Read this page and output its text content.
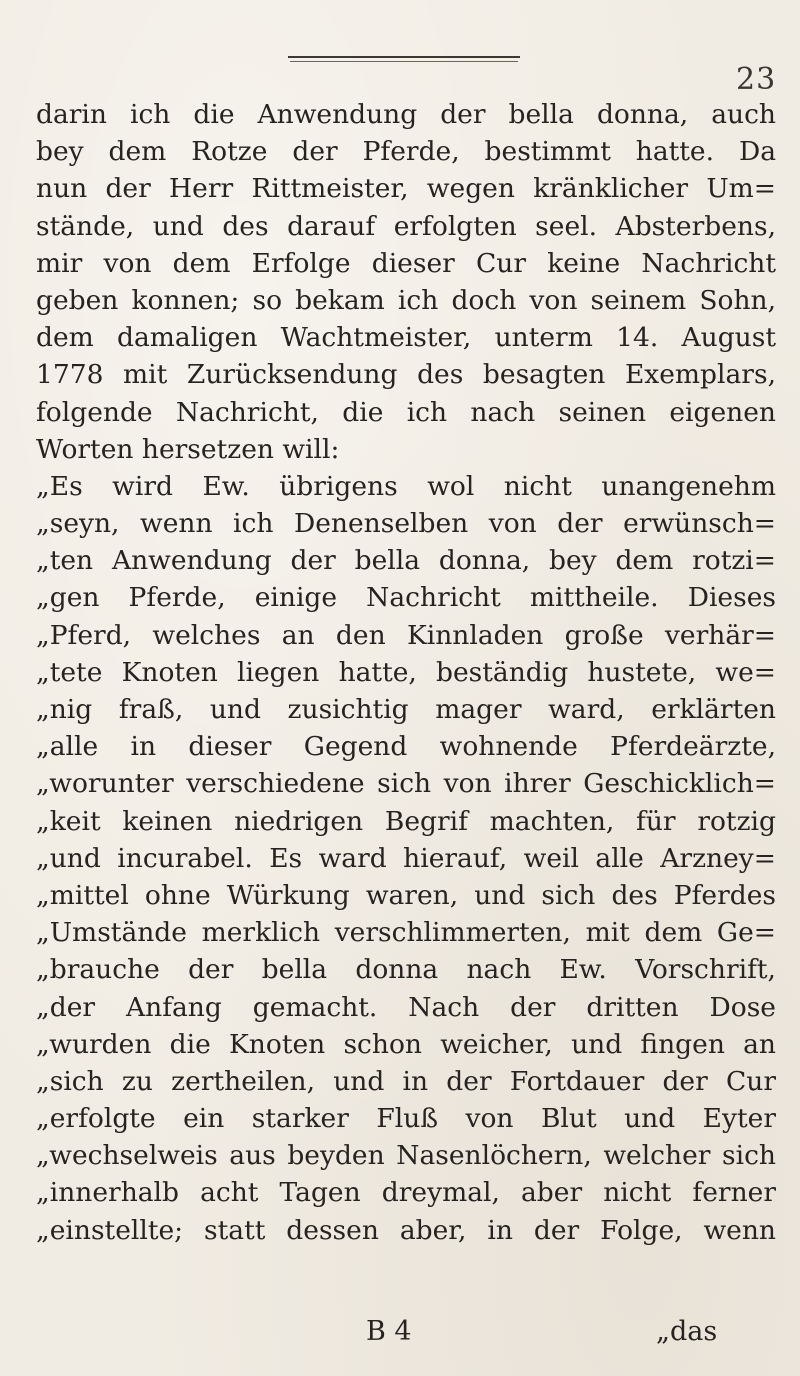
23
darin ich die Anwendung der bella donna, auch
bey dem Rotze der Pferde, bestimmt hatte. Da
nun der Herr Rittmeister, wegen kränklicher Um=
stände, und des darauf erfolgten seel. Absterbens,
mir von dem Erfolge dieser Cur keine Nachricht
geben konnen; so bekam ich doch von seinem Sohn,
dem damaligen Wachtmeister, unterm 14. August
1778 mit Zurücksendung des besagten Exemplars,
folgende Nachricht, die ich nach seinen eigenen
Worten hersetzen will:
„Es wird Ew. übrigens wol nicht unangenehm
„seyn, wenn ich Denenselben von der erwünsch=
„ten Anwendung der bella donna, bey dem rotzi=
„gen Pferde, einige Nachricht mittheile. Dieses
„Pferd, welches an den Kinnladen große verhär=
„tete Knoten liegen hatte, beständig hustete, we=
„nig fraß, und zusichtig mager ward, erklärten
„alle in dieser Gegend wohnende Pferdeärzte,
„worunter verschiedene sich von ihrer Geschicklich=
„keit keinen niedrigen Begrif machten, für rotzig
„und incurabel. Es ward hierauf, weil alle Arzney=
„mittel ohne Würkung waren, und sich des Pferdes
„Umstände merklich verschlimmerten, mit dem Ge=
„brauche der bella donna nach Ew. Vorschrift,
„der Anfang gemacht. Nach der dritten Dose
„wurden die Knoten schon weicher, und fingen an
„sich zu zertheilen, und in der Fortdauer der Cur
„erfolgte ein starker Fluß von Blut und Eyter
„wechselweis aus beyden Nasenlöchern, welcher sich
„innerhalb acht Tagen dreymal, aber nicht ferner
„einstellte; statt dessen aber, in der Folge, wenn
B 4	„das
